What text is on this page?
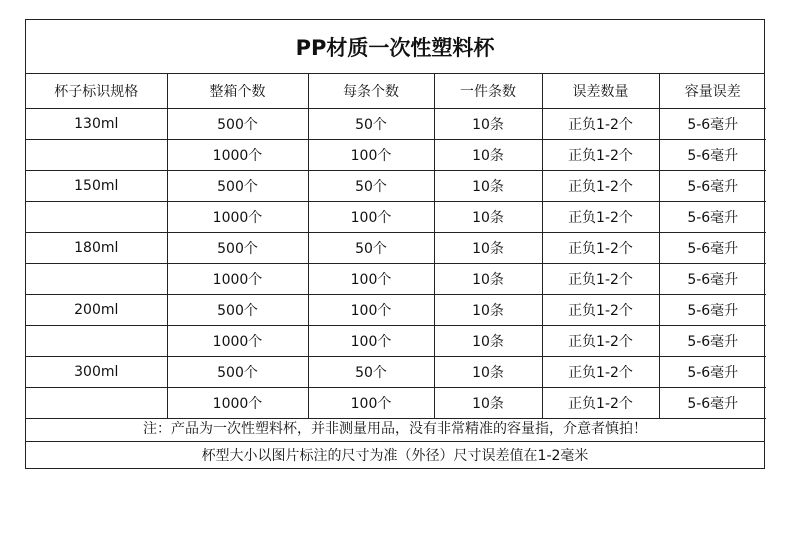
PP材质一次性塑料杯
杯子标识规格	整箱个数	每条个数	一件条数	误差数量	容量误差
130ml	500个	50个	10条	正负1-2个	5-6毫升
	1000个	100个	10条	正负1-2个	5-6毫升
150ml	500个	50个	10条	正负1-2个	5-6毫升
	1000个	100个	10条	正负1-2个	5-6毫升
180ml	500个	50个	10条	正负1-2个	5-6毫升
	1000个	100个	10条	正负1-2个	5-6毫升
200ml	500个	100个	10条	正负1-2个	5-6毫升
	1000个	100个	10条	正负1-2个	5-6毫升
300ml	500个	50个	10条	正负1-2个	5-6毫升
	1000个	100个	10条	正负1-2个	5-6毫升
注：产品为一次性塑料杯，并非测量用品，没有非常精准的容量指，介意者慎拍！
杯型大小以图片标注的尺寸为准（外径）尺寸误差值在1-2毫米
